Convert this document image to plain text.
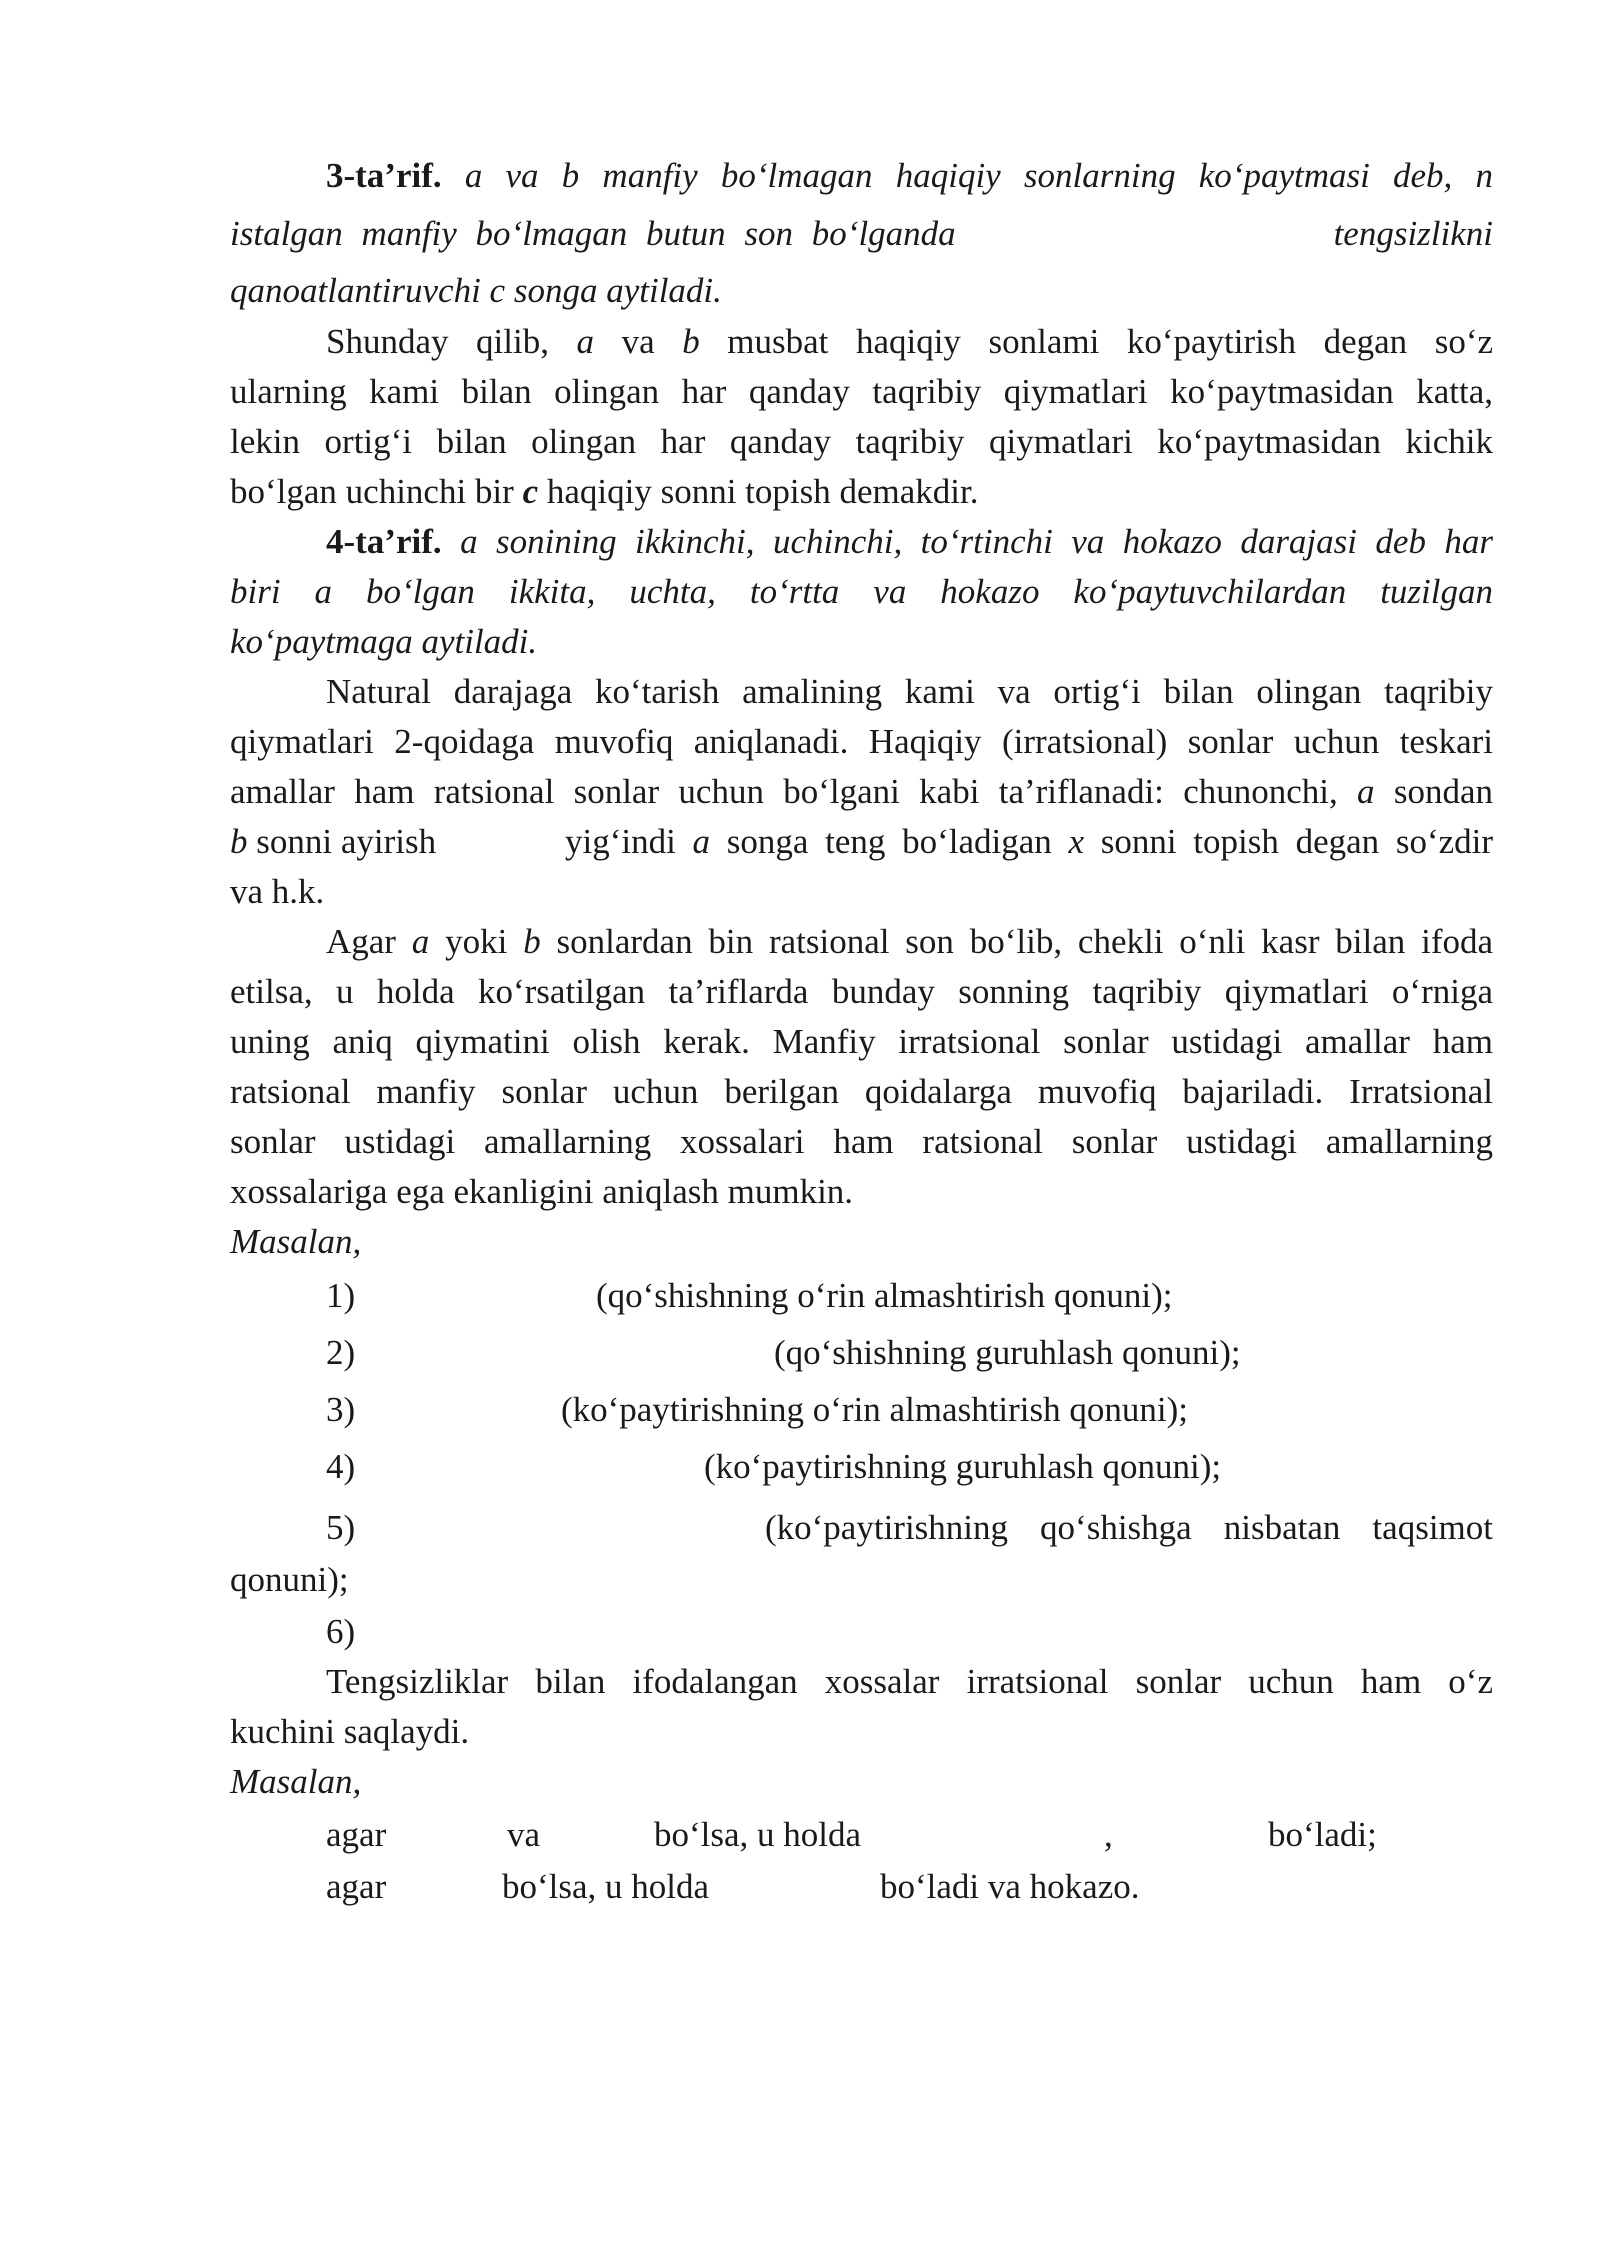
3-ta’rif. a va b manfiy bo‘lmagan haqiqiy sonlarning ko‘paytmasi deb, n
istalgan manfiy bo‘lmagan butun son bo‘lganda	tengsizlikni
qanoatlantiruvchi c songa aytiladi.
Shunday qilib, a va b musbat haqiqiy sonlami ko‘paytirish degan so‘z
ularning kami bilan olingan har qanday taqribiy qiymatlari ko‘paytmasidan katta,
lekin ortig‘i bilan olingan har qanday taqribiy qiymatlari ko‘paytmasidan kichik
bo‘lgan uchinchi bir c haqiqiy sonni topish demakdir.
4-ta’rif. a sonining ikkinchi, uchinchi, to‘rtinchi va hokazo darajasi deb har
biri a bo‘lgan ikkita, uchta, to‘rtta va hokazo ko‘paytuvchilardan tuzilgan
ko‘paytmaga aytiladi.
Natural darajaga ko‘tarish amalining kami va ortig‘i bilan olingan taqribiy
qiymatlari 2-qoidaga muvofiq aniqlanadi. Haqiqiy (irratsional) sonlar uchun teskari
amallar ham ratsional sonlar uchun bo‘lgani kabi ta’riflanadi: chunonchi, a sondan
b sonni ayirish	yig‘indi a songa teng bo‘ladigan x sonni topish degan so‘zdir
va h.k.
Agar a yoki b sonlardan bin ratsional son bo‘lib, chekli o‘nli kasr bilan ifoda
etilsa, u holda ko‘rsatilgan ta’riflarda bunday sonning taqribiy qiymatlari o‘rniga
uning aniq qiymatini olish kerak. Manfiy irratsional sonlar ustidagi amallar ham
ratsional manfiy sonlar uchun berilgan qoidalarga muvofiq bajariladi. Irratsional
sonlar ustidagi amallarning xossalari ham ratsional sonlar ustidagi amallarning
xossalariga ega ekanligini aniqlash mumkin.
Masalan,
1)	(qo‘shishning o‘rin almashtirish qonuni);
2)	(qo‘shishning guruhlash qonuni);
3)	(ko‘paytirishning o‘rin almashtirish qonuni);
4)	(ko‘paytirishning guruhlash qonuni);
5)	(ko‘paytirishning qo‘shishga nisbatan taqsimot
qonuni);
6)
Tengsizliklar bilan ifodalangan xossalar irratsional sonlar uchun ham o‘z
kuchini saqlaydi.
Masalan,
agar	va	bo‘lsa, u holda	,	bo‘ladi;
agar	bo‘lsa, u holda	bo‘ladi va hokazo.
